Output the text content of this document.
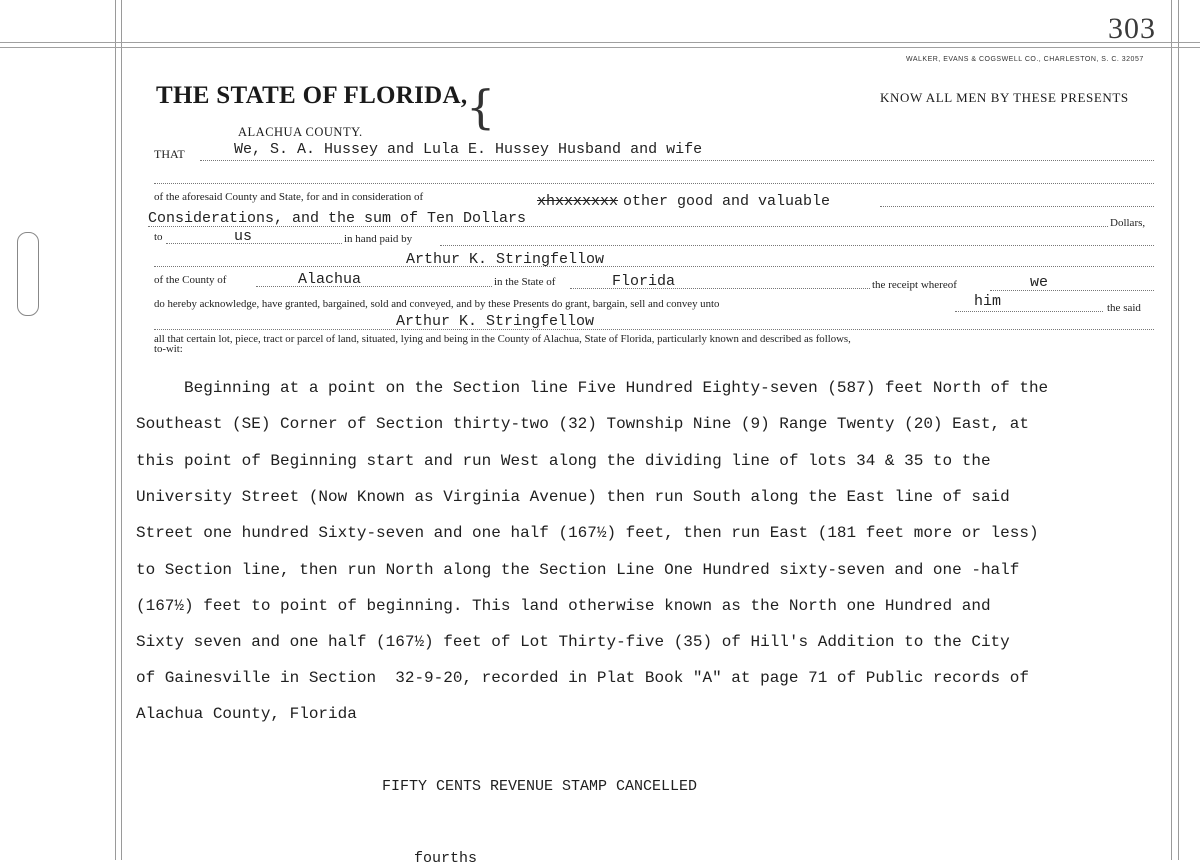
303
WALKER, EVANS & COGSWELL CO., CHARLESTON, S. C. 32057
THE STATE OF FLORIDA,
{	KNOW ALL MEN BY THESE PRESENTS
ALACHUA COUNTY.
THAT	We, S. A. Hussey and Lula E. Hussey Husband and wife
of the aforesaid County and State, for and in consideration of	xhxxxxxxx other good and valuable
Considerations, and the sum of Ten Dollars	Dollars,
to	us	in hand paid by
Arthur K. Stringfellow
of the County of	Alachua	in the State of	Florida	the receipt whereof	we
do hereby acknowledge, have granted, bargained, sold and conveyed, and by these Presents do grant, bargain, sell and convey unto	him	the said
Arthur K. Stringfellow
all that certain lot, piece, tract or parcel of land, situated, lying and being in the County of Alachua, State of Florida, particularly known and described as follows,
to-wit:
Beginning at a point on the Section line Five Hundred Eighty-seven (587) feet North of the
Southeast (SE) Corner of Section thirty-two (32) Township Nine (9) Range Twenty (20) East, at
this point of Beginning start and run West along the dividing line of lots 34 & 35 to the
University Street (Now Known as Virginia Avenue) then run South along the East line of said
Street one hundred Sixty-seven and one half (167½) feet, then run East (181 feet more or less)
to Section line, then run North along the Section Line One Hundred sixty-seven and one -half
(167½) feet to point of beginning. This land otherwise known as the North one Hundred and
Sixty seven and one half (167½) feet of Lot Thirty-five (35) of Hill's Addition to the City
of Gainesville in Section  32-9-20, recorded in Plat Book "A" at page 71 of Public records of
Alachua County, Florida
FIFTY CENTS REVENUE STAMP CANCELLED
fourths
